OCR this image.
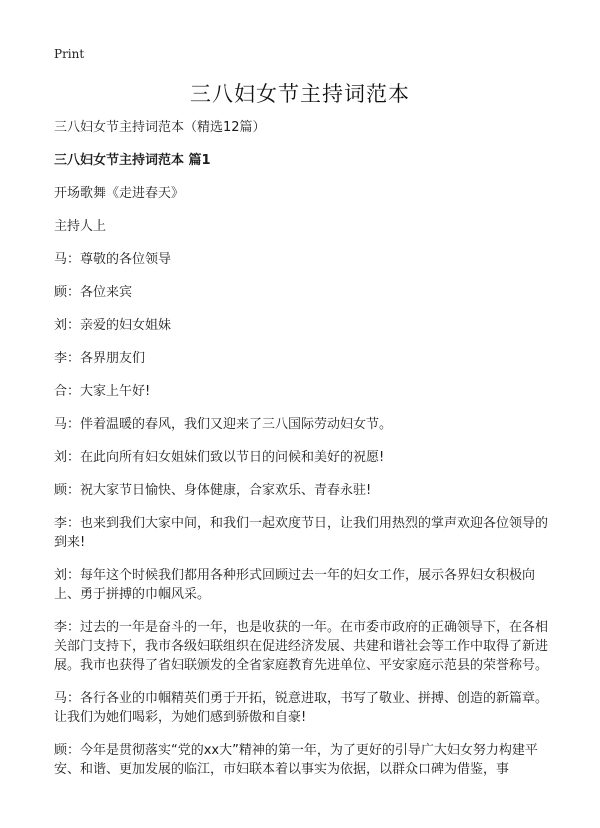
Print
三八妇女节主持词范本

三八妇女节主持词范本（精选12篇）

三八妇女节主持词范本 篇1

开场歌舞《走进春天》

主持人上

马：尊敬的各位领导

顾：各位来宾

刘：亲爱的妇女姐妹

李：各界朋友们

合：大家上午好!

马：伴着温暖的春风，我们又迎来了三八国际劳动妇女节。

刘：在此向所有妇女姐妹们致以节日的问候和美好的祝愿!

顾：祝大家节日愉快、身体健康，合家欢乐、青春永驻!

李：也来到我们大家中间，和我们一起欢度节日，让我们用热烈的掌声欢迎各位领导的到来!

刘：每年这个时候我们都用各种形式回顾过去一年的妇女工作，展示各界妇女积极向上、勇于拼搏的巾帼风采。

李：过去的一年是奋斗的一年，也是收获的一年。在市委市政府的正确领导下，在各相关部门支持下，我市各级妇联组织在促进经济发展、共建和谐社会等工作中取得了新进展。我市也获得了省妇联颁发的全省家庭教育先进单位、平安家庭示范县的荣誉称号。

马：各行各业的巾帼精英们勇于开拓，锐意进取，书写了敬业、拼搏、创造的新篇章。让我们为她们喝彩，为她们感到骄傲和自豪!

顾：今年是贯彻落实“党的xx大”精神的第一年，为了更好的引导广大妇女努力构建平安、和谐、更加发展的临江，市妇联本着以事实为依据，以群众口碑为借鉴，事
